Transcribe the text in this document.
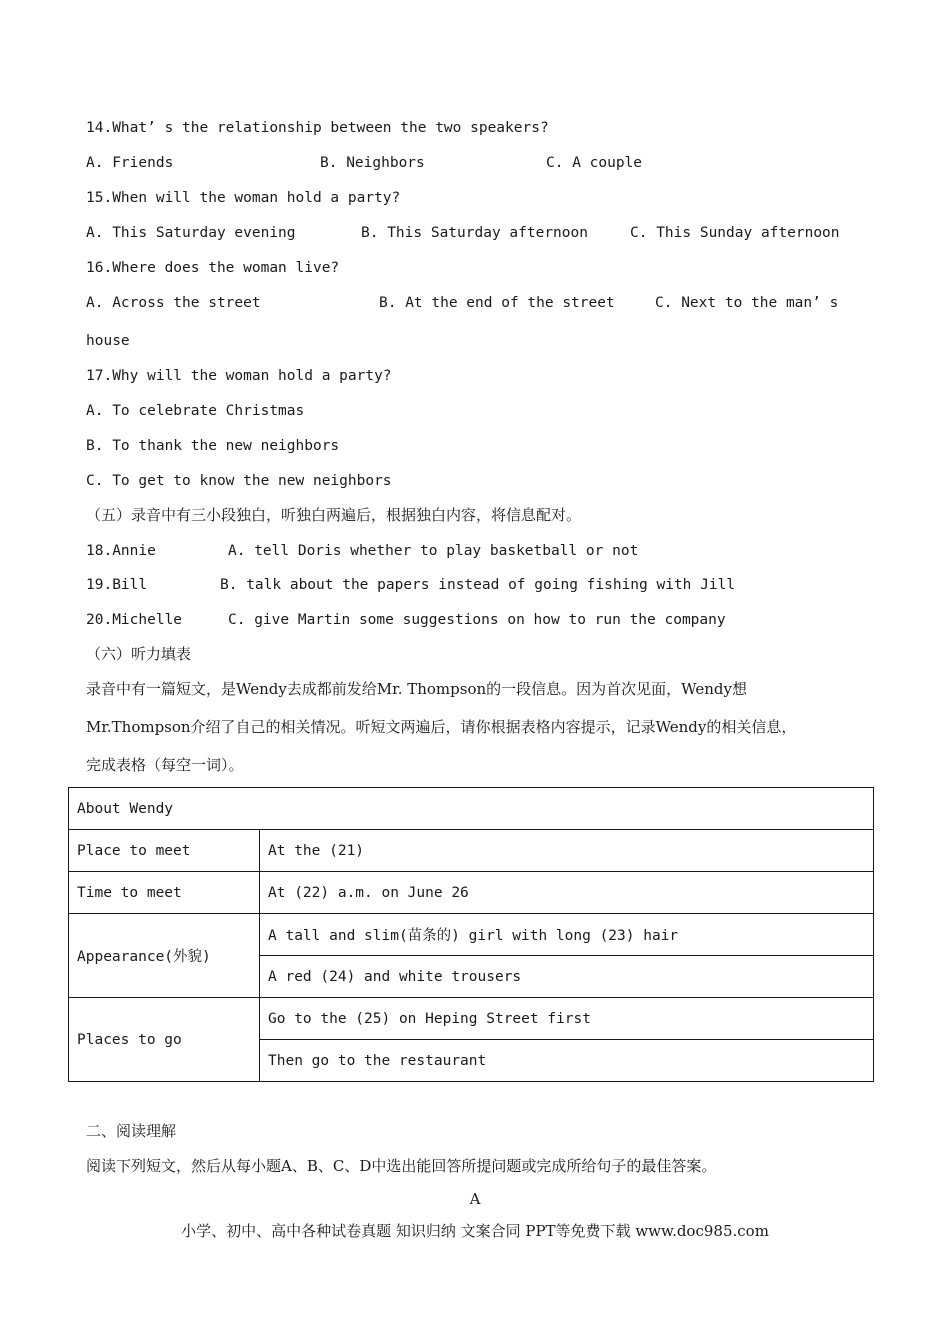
14.What’ s the relationship between the two speakers?
A. Friends	B. Neighbors	C. A couple
15.When will the woman hold a party?
A. This Saturday evening	B. This Saturday afternoon	C. This Sunday afternoon
16.Where does the woman live?
A. Across the street	B. At the end of the street	C. Next to the man’ s
house
17.Why will the woman hold a party?
A. To celebrate Christmas
B. To thank the new neighbors
C. To get to know the new neighbors
（五）录音中有三小段独白，听独白两遍后，根据独白内容，将信息配对。
18.Annie	A. tell Doris whether to play basketball or not
19.Bill	B. talk about the papers instead of going fishing with Jill
20.Michelle	C. give Martin some suggestions on how to run the company
（六）听力填表
录音中有一篇短文，是Wendy去成都前发给Mr. Thompson的一段信息。因为首次见面，Wendy想
Mr.Thompson介绍了自己的相关情况。听短文两遍后，请你根据表格内容提示，记录Wendy的相关信息，
完成表格（每空一词）。
About Wendy	
Place to meet	At the (21)
Time to meet	At (22) a.m. on June 26
Appearance(外貌)	A tall and slim(苗条的) girl with long (23) hair
	A red (24) and white trousers
Places to go	Go to the (25) on Heping Street first
	Then go to the restaurant
二、阅读理解
阅读下列短文，然后从每小题A、B、C、D中选出能回答所提问题或完成所给句子的最佳答案。
A
小学、初中、高中各种试卷真题 知识归纳 文案合同 PPT等免费下载 www.doc985.com
